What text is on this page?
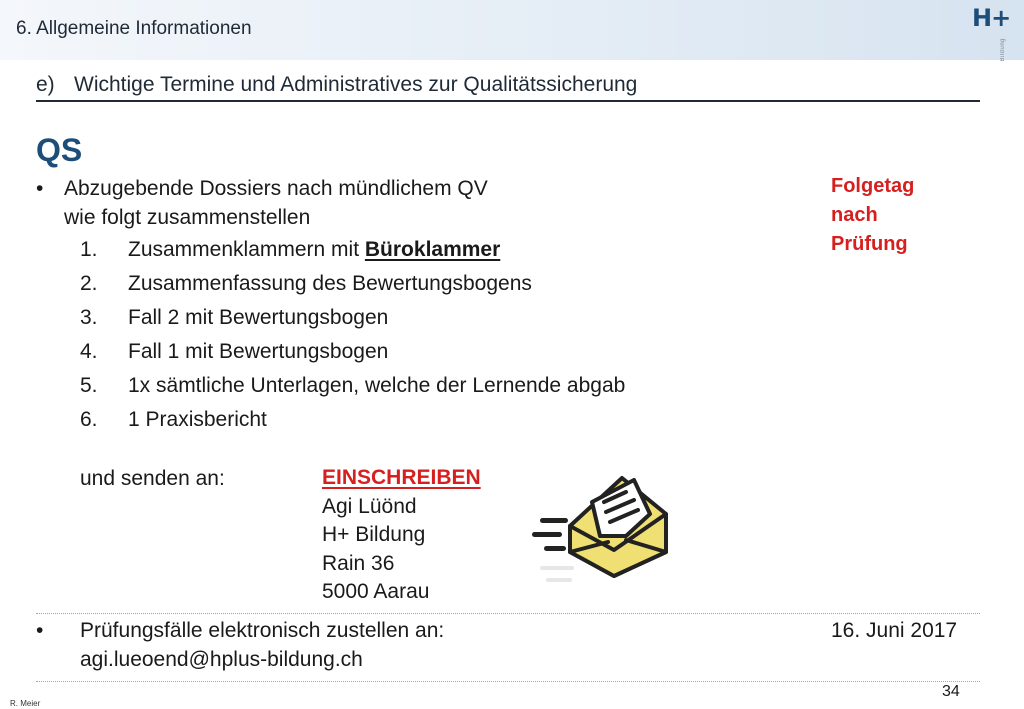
6. Allgemeine Informationen	H+
Bildung
e) Wichtige Termine und Administratives zur Qualitätssicherung
QS
• Abzugebende Dossiers nach mündlichem QV
wie folgt zusammenstellen
Folgetag
nach
Prüfung
1.	Zusammenklammern mit Büroklammer
2.	Zusammenfassung des Bewertungsbogens
3.	Fall 2 mit Bewertungsbogen
4.	Fall 1 mit Bewertungsbogen
5.	1x sämtliche Unterlagen, welche der Lernende abgab
6.	1 Praxisbericht
und senden an:	EINSCHREIBEN
Agi Lüönd
H+ Bildung
Rain 36
5000 Aarau
• Prüfungsfälle elektronisch zustellen an:
agi.lueoend@hplus-bildung.ch
16. Juni 2017
34
R. Meier
